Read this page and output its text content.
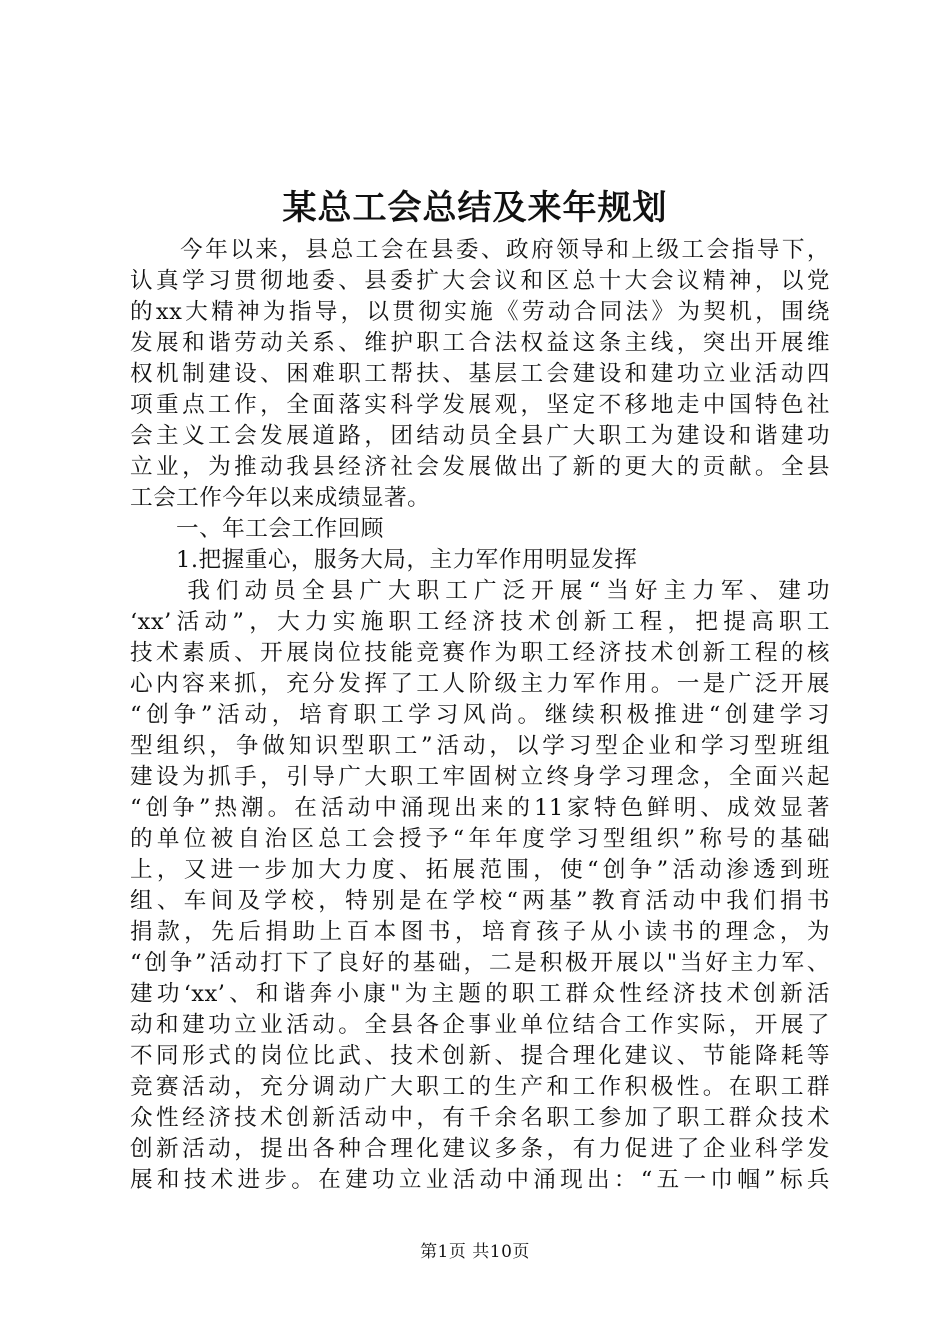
某总工会总结及来年规划
　　今年以来，县总工会在县委、政府领导和上级工会指导下，
认真学习贯彻地委、县委扩大会议和区总十大会议精神，以党
的xx大精神为指导，以贯彻实施《劳动合同法》为契机，围绕
发展和谐劳动关系、维护职工合法权益这条主线，突出开展维
权机制建设、困难职工帮扶、基层工会建设和建功立业活动四
项重点工作，全面落实科学发展观，坚定不移地走中国特色社
会主义工会发展道路，团结动员全县广大职工为建设和谐建功
立业，为推动我县经济社会发展做出了新的更大的贡献。全县
工会工作今年以来成绩显著。
一、年工会工作回顾
1.把握重心，服务大局，主力军作用明显发挥
　　我们动员全县广大职工广泛开展“当好主力军、建功
‘xx’活动”，大力实施职工经济技术创新工程，把提高职工
技术素质、开展岗位技能竞赛作为职工经济技术创新工程的核
心内容来抓，充分发挥了工人阶级主力军作用。一是广泛开展
“创争”活动，培育职工学习风尚。继续积极推进“创建学习
型组织，争做知识型职工”活动，以学习型企业和学习型班组
建设为抓手，引导广大职工牢固树立终身学习理念，全面兴起
“创争”热潮。在活动中涌现出来的11家特色鲜明、成效显著
的单位被自治区总工会授予“年年度学习型组织”称号的基础
上，又进一步加大力度、拓展范围，使“创争”活动渗透到班
组、车间及学校，特别是在学校“两基”教育活动中我们捐书
捐款，先后捐助上百本图书，培育孩子从小读书的理念，为
“创争”活动打下了良好的基础，二是积极开展以"当好主力军、
建功‘xx’、和谐奔小康"为主题的职工群众性经济技术创新活
动和建功立业活动。全县各企事业单位结合工作实际，开展了
不同形式的岗位比武、技术创新、提合理化建议、节能降耗等
竞赛活动，充分调动广大职工的生产和工作积极性。在职工群
众性经济技术创新活动中，有千余名职工参加了职工群众技术
创新活动，提出各种合理化建议多条，有力促进了企业科学发
展和技术进步。在建功立业活动中涌现出：“五一巾帼”标兵
第1页 共10页
